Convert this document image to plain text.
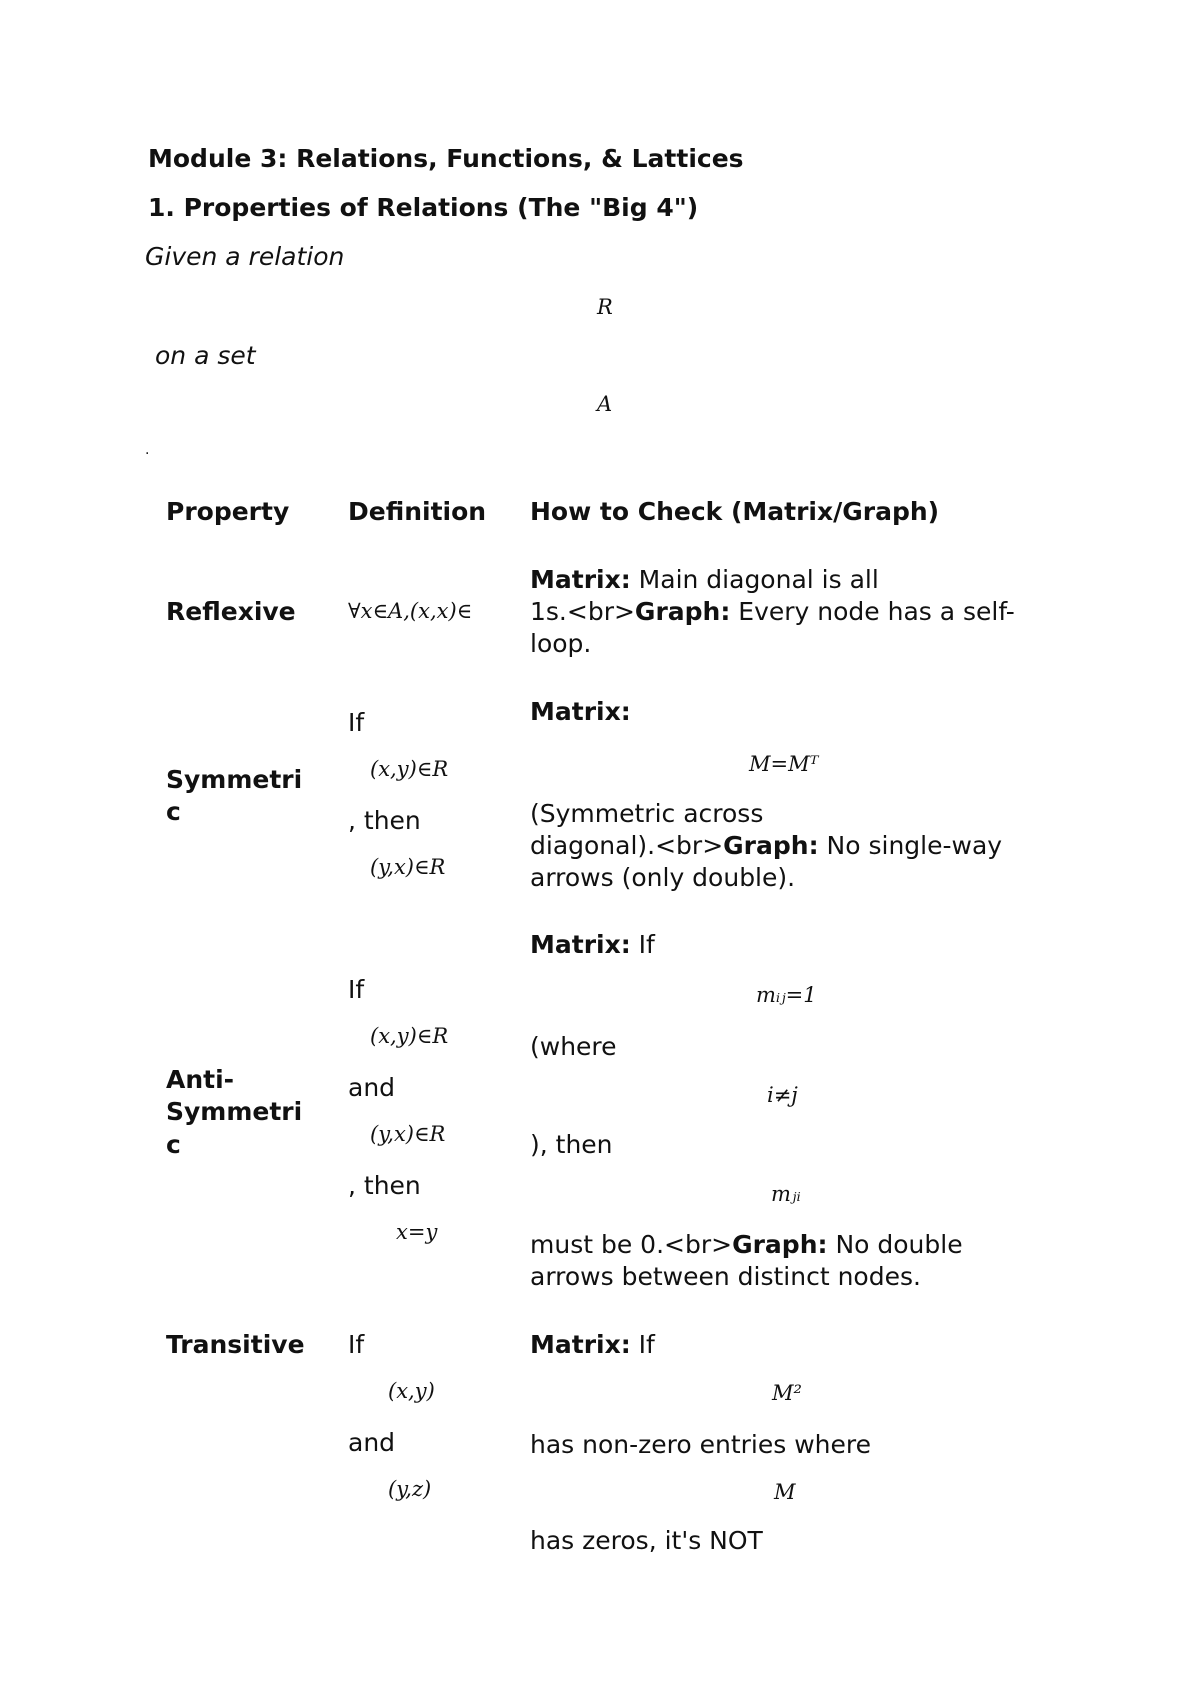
Module 3: Relations, Functions, & Lattices
1. Properties of Relations (The "Big 4")
Given a relation
R
on a set
A
.
Property Definition How to Check (Matrix/Graph)
Reflexive ∀x∈A,(x,x)∈
Matrix: Main diagonal is all
1s.<br>Graph: Every node has a self-
loop.
Symmetri
c
If
(x,y)∈R
, then
(y,x)∈R
Matrix:
M=Mᵀ
(Symmetric across
diagonal).<br>Graph: No single-way
arrows (only double).
Anti-
Symmetri
c
If
(x,y)∈R
and
(y,x)∈R
, then
x=y
Matrix: If
mᵢⱼ=1
(where
i≠j
), then
mⱼᵢ
must be 0.<br>Graph: No double
arrows between distinct nodes.
Transitive If
(x,y)
and
(y,z)
Matrix: If
M²
has non-zero entries where
M
has zeros, it's NOT
